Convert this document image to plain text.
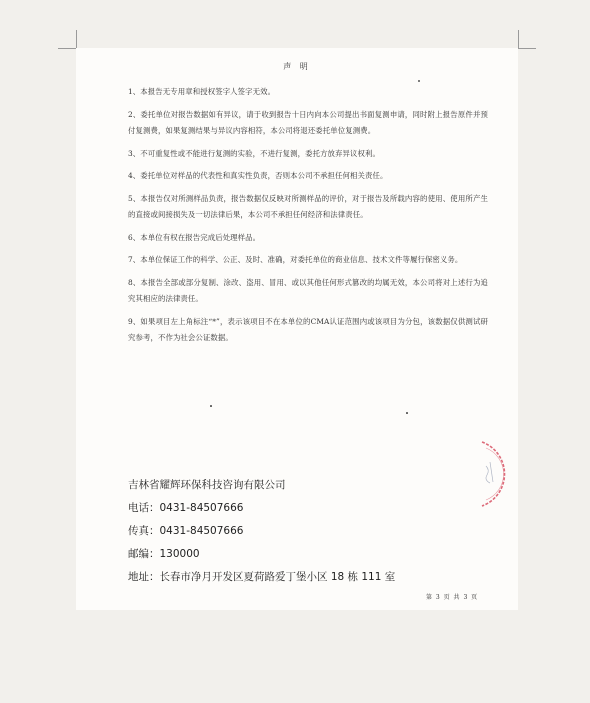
声 明
1、本报告无专用章和授权签字人签字无效。
2、委托单位对报告数据如有异议，请于收到报告十日内向本公司提出书面复测申请，同时附上报告原件并预付复测费，如果复测结果与异议内容相符，本公司将退还委托单位复测费。
3、不可重复性或不能进行复测的实验，不进行复测，委托方放弃异议权利。
4、委托单位对样品的代表性和真实性负责，否则本公司不承担任何相关责任。
5、本报告仅对所测样品负责，报告数据仅反映对所测样品的评价，对于报告及所载内容的使用、使用所产生的直接或间接损失及一切法律后果，本公司不承担任何经济和法律责任。
6、本单位有权在报告完成后处理样品。
7、本单位保证工作的科学、公正、及时、准确，对委托单位的商业信息、技术文件等履行保密义务。
8、本报告全部或部分复制、涂改、盗用、冒用、或以其他任何形式篡改的均属无效，本公司将对上述行为追究其相应的法律责任。
9、如果项目左上角标注“*”，表示该项目不在本单位的CMA认证范围内或该项目为分包，该数据仅供测试研究参考，不作为社会公证数据。
吉林省耀辉环保科技咨询有限公司
电话：0431-84507666
传真：0431-84507666
邮编：130000
地址：长春市净月开发区夏荷路爱丁堡小区 18 栋 111 室
第 3 页 共 3 页
